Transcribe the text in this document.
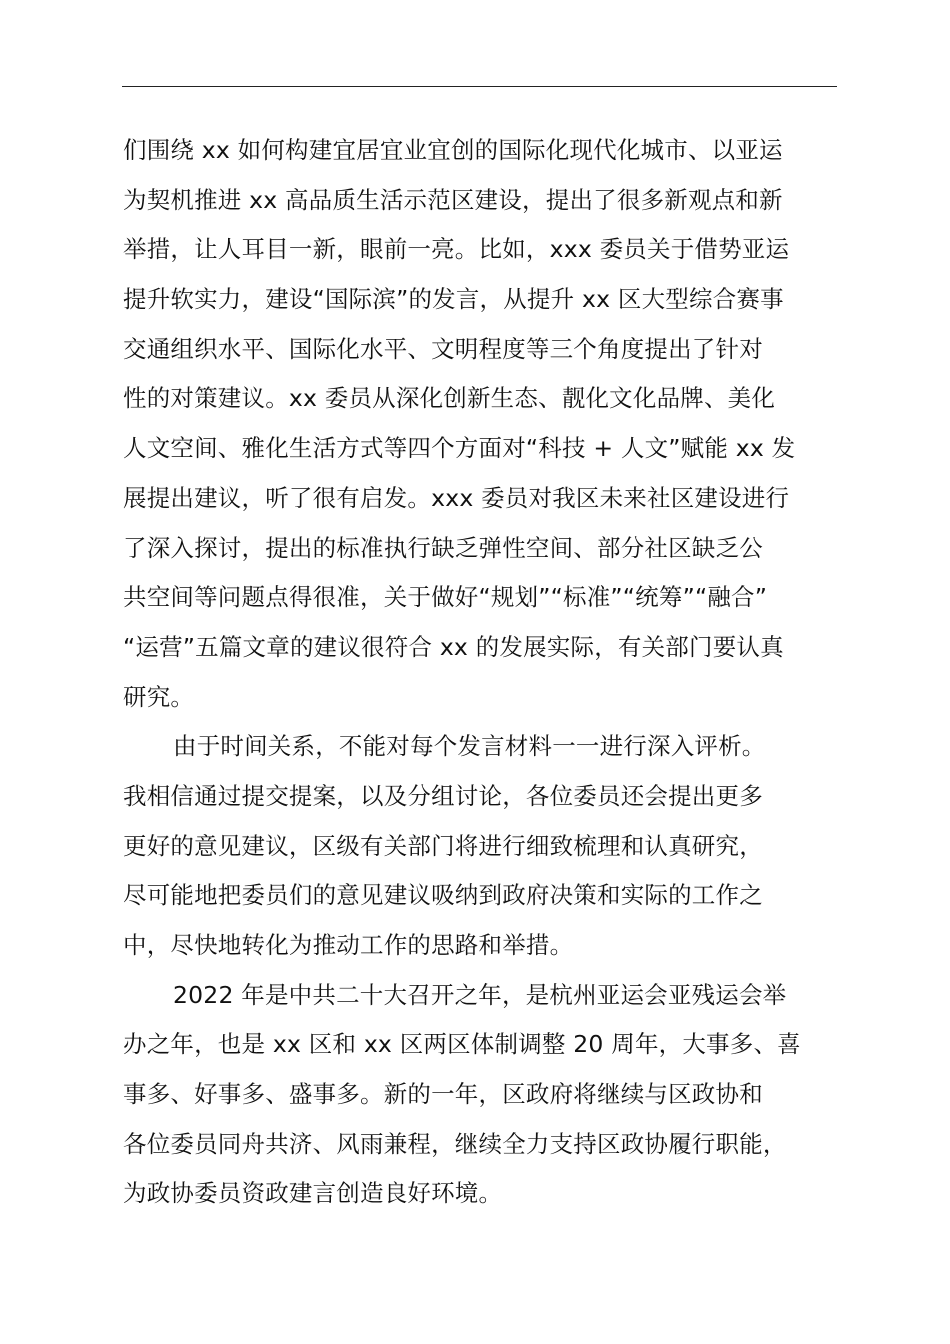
们围绕 xx 如何构建宜居宜业宜创的国际化现代化城市、以亚运
为契机推进 xx 高品质生活示范区建设，提出了很多新观点和新
举措，让人耳目一新，眼前一亮。比如，xxx 委员关于借势亚运
提升软实力，建设“国际滨”的发言，从提升 xx 区大型综合赛事
交通组织水平、国际化水平、文明程度等三个角度提出了针对
性的对策建议。xx 委员从深化创新生态、靓化文化品牌、美化
人文空间、雅化生活方式等四个方面对“科技 + 人文”赋能 xx 发
展提出建议，听了很有启发。xxx 委员对我区未来社区建设进行
了深入探讨，提出的标准执行缺乏弹性空间、部分社区缺乏公
共空间等问题点得很准，关于做好“规划”“标准”“统筹”“融合”
“运营”五篇文章的建议很符合 xx 的发展实际，有关部门要认真
研究。
由于时间关系，不能对每个发言材料一一进行深入评析。
我相信通过提交提案，以及分组讨论，各位委员还会提出更多
更好的意见建议，区级有关部门将进行细致梳理和认真研究，
尽可能地把委员们的意见建议吸纳到政府决策和实际的工作之
中，尽快地转化为推动工作的思路和举措。
2022 年是中共二十大召开之年，是杭州亚运会亚残运会举
办之年，也是 xx 区和 xx 区两区体制调整 20 周年，大事多、喜
事多、好事多、盛事多。新的一年，区政府将继续与区政协和
各位委员同舟共济、风雨兼程，继续全力支持区政协履行职能，
为政协委员资政建言创造良好环境。
